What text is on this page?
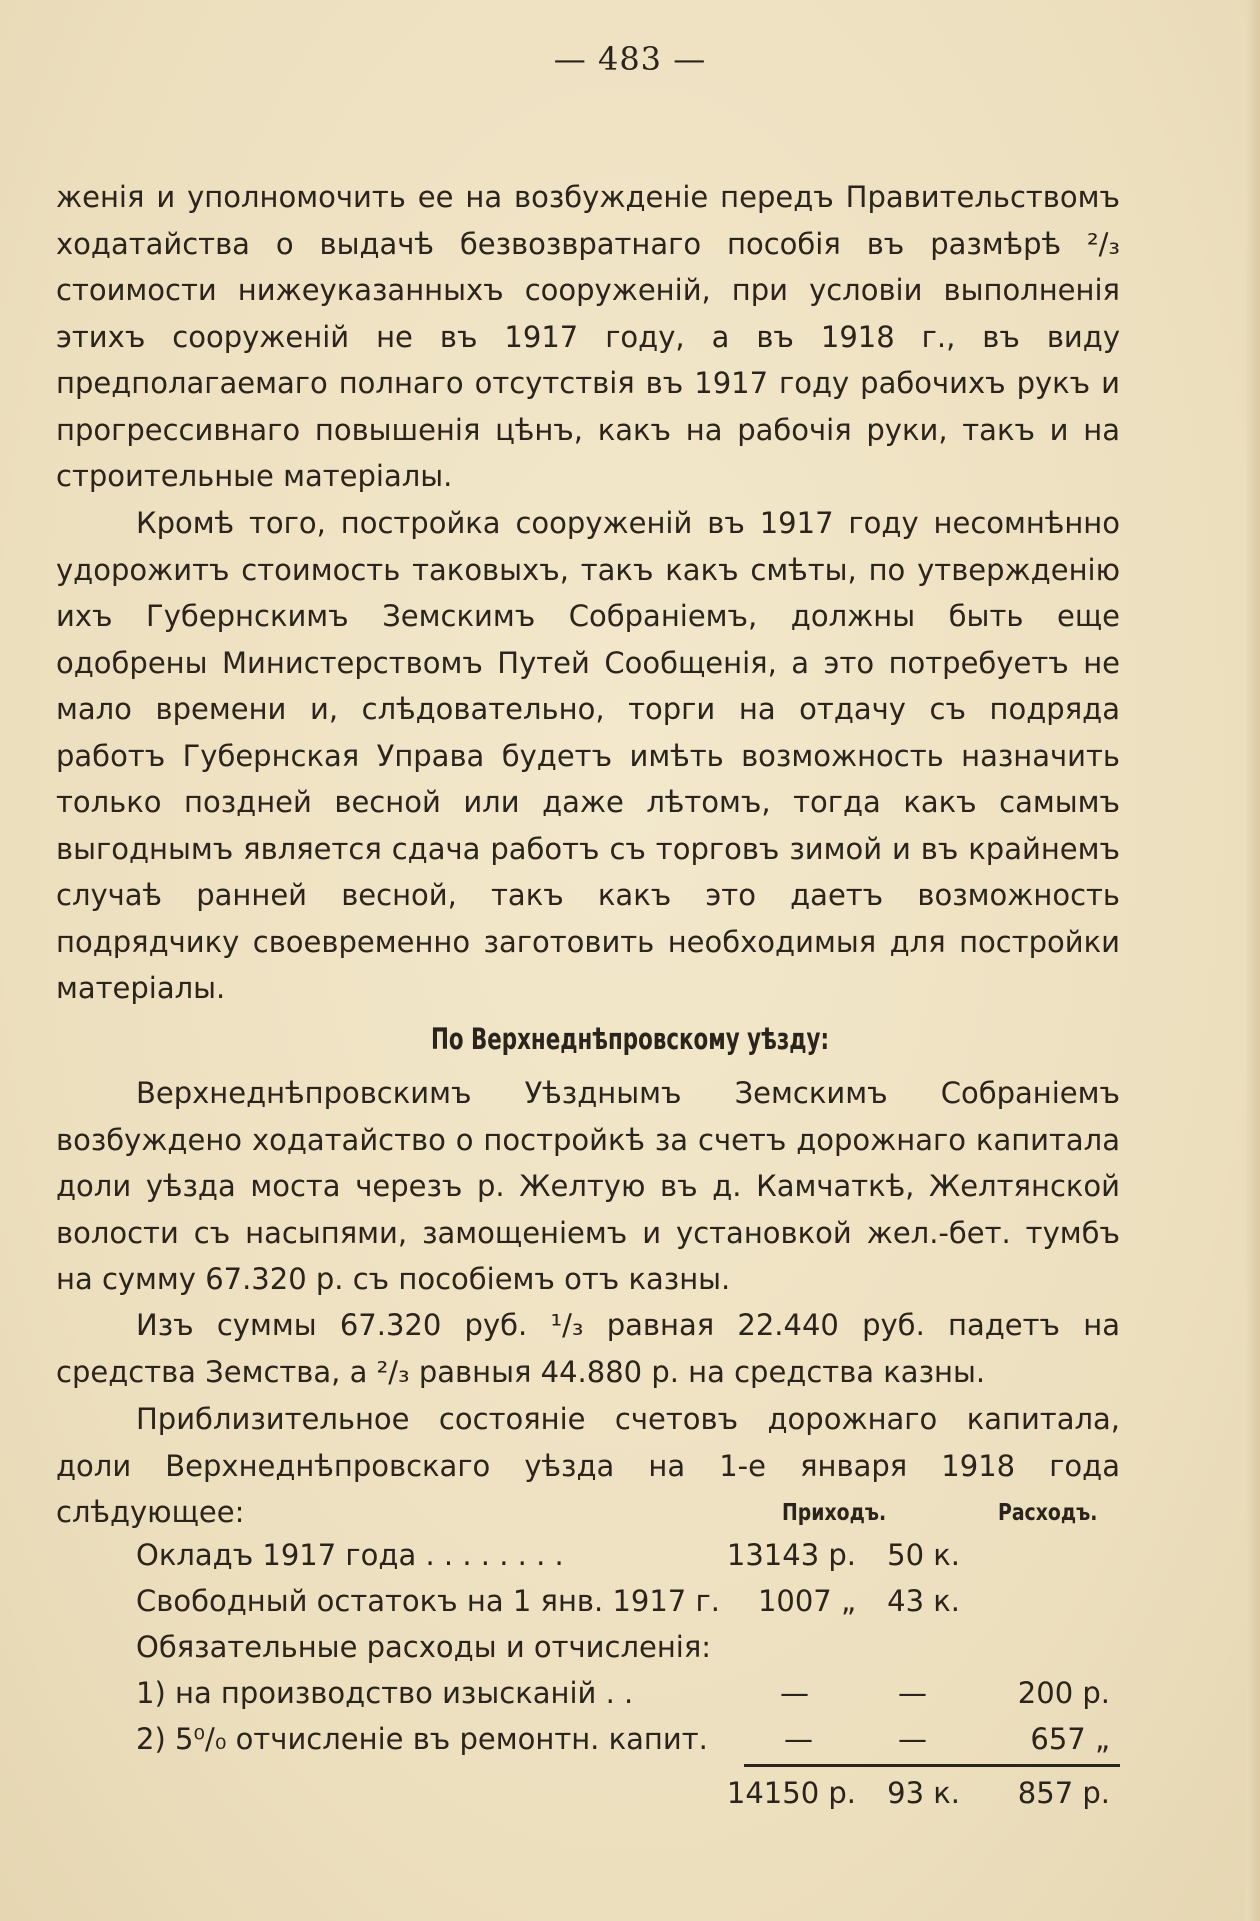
— 483 —

женія и уполномочить ее на возбужденіе передъ Правительствомъ ходатайства о выдачѣ безвозвратнаго пособія въ размѣрѣ ²/₃ стоимости нижеуказанныхъ сооруженій, при условіи выполненія этихъ сооруженій не въ 1917 году, а въ 1918 г., въ виду предполагаемаго полнаго отсутствія въ 1917 году рабочихъ рукъ и прогрессивнаго повышенія цѣнъ, какъ на рабочія руки, такъ и на строительные матеріалы.

Кромѣ того, постройка сооруженій въ 1917 году несомнѣнно удорожитъ стоимость таковыхъ, такъ какъ смѣты, по утвержденію ихъ Губернскимъ Земскимъ Собраніемъ, должны быть еще одобрены Министерствомъ Путей Сообщенія, а это потребуетъ не мало времени и, слѣдовательно, торги на отдачу съ подряда работъ Губернская Управа будетъ имѣть возможность назначить только поздней весной или даже лѣтомъ, тогда какъ самымъ выгоднымъ является сдача работъ съ торговъ зимой и въ крайнемъ случаѣ ранней весной, такъ какъ это даетъ возможность подрядчику своевременно заготовить необходимыя для постройки матеріалы.

По Верхнеднѣпровскому уѣзду:

Верхнеднѣпровскимъ Уѣзднымъ Земскимъ Собраніемъ возбуждено ходатайство о постройкѣ за счетъ дорожнаго капитала доли уѣзда моста черезъ р. Желтую въ д. Камчаткѣ, Желтянской волости съ насыпями, замощеніемъ и установкой жел.-бет. тумбъ на сумму 67.320 р. съ пособіемъ отъ казны.

Изъ суммы 67.320 руб. ¹/₃ равная 22.440 руб. падетъ на средства Земства, а ²/₃ равныя 44.880 р. на средства казны.

Приблизительное состояніе счетовъ дорожнаго капитала, доли Верхнеднѣпровскаго уѣзда на 1-е января 1918 года слѣдующее:	Приходъ.	Расходъ.
Окладъ 1917 года . . . . . . . .	13143 р. 50 к.
Свободный остатокъ на 1 янв. 1917 г. 1007 „ 43 к.
Обязательные расходы и отчисленія:
1) на производство изысканій . .	—	—	200 р.
2) 5⁰/₀ отчисленіе въ ремонтн. капит.	—	—	657 „
14150 р. 93 к. 857 р.
